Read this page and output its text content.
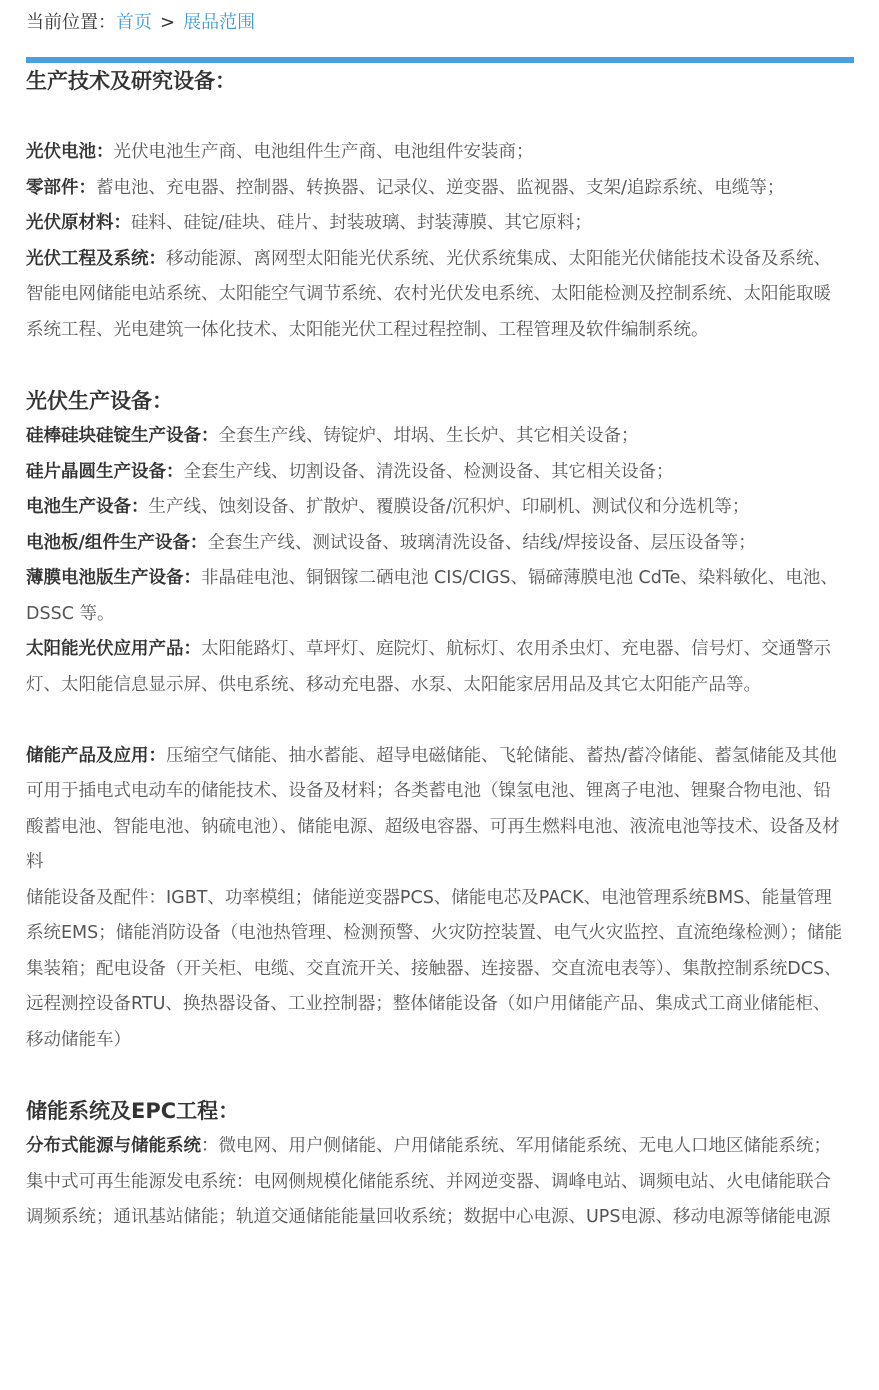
当前位置：首页 > 展品范围
生产技术及研究设备：

光伏电池：光伏电池生产商、电池组件生产商、电池组件安装商；

零部件：蓄电池、充电器、控制器、转换器、记录仪、逆变器、监视器、支架/追踪系统、电缆等；

光伏原材料：硅料、硅锭/硅块、硅片、封装玻璃、封装薄膜、其它原料；

光伏工程及系统：移动能源、离网型太阳能光伏系统、光伏系统集成、太阳能光伏储能技术设备及系统、智能电网储能电站系统、太阳能空气调节系统、农村光伏发电系统、太阳能检测及控制系统、太阳能取暖系统工程、光电建筑一体化技术、太阳能光伏工程过程控制、工程管理及软件编制系统。

光伏生产设备：

硅棒硅块硅锭生产设备：全套生产线、铸锭炉、坩埚、生长炉、其它相关设备；

硅片晶圆生产设备：全套生产线、切割设备、清洗设备、检测设备、其它相关设备；

电池生产设备：生产线、蚀刻设备、扩散炉、覆膜设备/沉积炉、印刷机、测试仪和分选机等；

电池板/组件生产设备：全套生产线、测试设备、玻璃清洗设备、结线/焊接设备、层压设备等；

薄膜电池版生产设备：非晶硅电池、铜铟镓二硒电池 CIS/CIGS、镉碲薄膜电池 CdTe、染料敏化、电池、DSSC 等。

太阳能光伏应用产品：太阳能路灯、草坪灯、庭院灯、航标灯、农用杀虫灯、充电器、信号灯、交通警示灯、太阳能信息显示屏、供电系统、移动充电器、水泵、太阳能家居用品及其它太阳能产品等。

储能产品及应用：压缩空气储能、抽水蓄能、超导电磁储能、飞轮储能、蓄热/蓄冷储能、蓄氢储能及其他可用于插电式电动车的储能技术、设备及材料；各类蓄电池（镍氢电池、锂离子电池、锂聚合物电池、铅酸蓄电池、智能电池、钠硫电池）、储能电源、超级电容器、可再生燃料电池、液流电池等技术、设备及材料

储能设备及配件：IGBT、功率模组；储能逆变器PCS、储能电芯及PACK、电池管理系统BMS、能量管理系统EMS；储能消防设备（电池热管理、检测预警、火灾防控装置、电气火灾监控、直流绝缘检测）；储能集装箱；配电设备（开关柜、电缆、交直流开关、接触器、连接器、交直流电表等）、集散控制系统DCS、远程测控设备RTU、换热器设备、工业控制器；整体储能设备（如户用储能产品、集成式工商业储能柜、移动储能车）

储能系统及EPC工程：

分布式能源与储能系统：微电网、用户侧储能、户用储能系统、军用储能系统、无电人口地区储能系统； 集中式可再生能源发电系统：电网侧规模化储能系统、并网逆变器、调峰电站、调频电站、火电储能联合调频系统；通讯基站储能；轨道交通储能能量回收系统；数据中心电源、UPS电源、移动电源等储能电源
